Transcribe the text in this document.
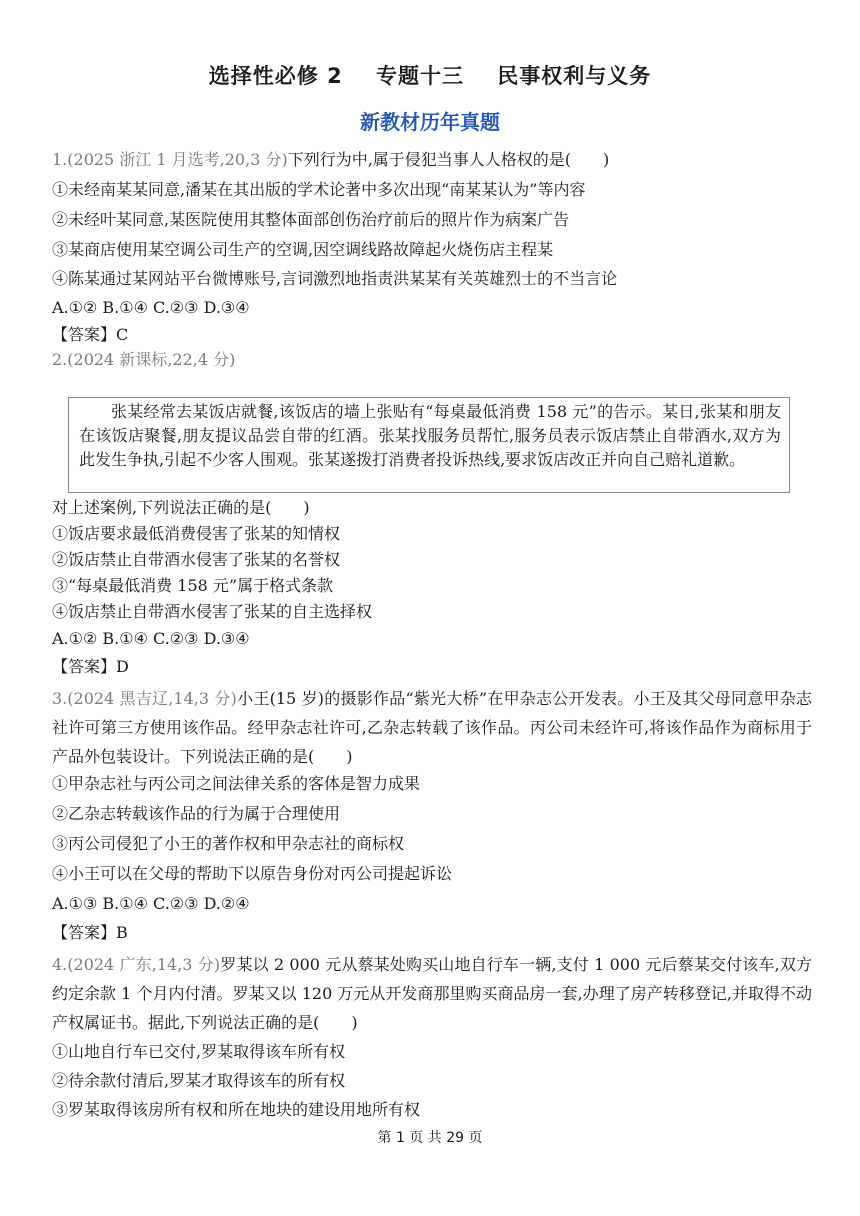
选择性必修 2    专题十三    民事权利与义务
新教材历年真题
1.(2025 浙江 1 月选考,20,3 分)下列行为中,属于侵犯当事人人格权的是(　　)
①未经南某某同意,潘某在其出版的学术论著中多次出现“南某某认为”等内容
②未经叶某同意,某医院使用其整体面部创伤治疗前后的照片作为病案广告
③某商店使用某空调公司生产的空调,因空调线路故障起火烧伤店主程某
④陈某通过某网站平台微博账号,言词激烈地指责洪某某有关英雄烈士的不当言论
A.①② B.①④ C.②③ D.③④
【答案】C
2.(2024 新课标,22,4 分)
张某经常去某饭店就餐,该饭店的墙上张贴有“每桌最低消费 158 元”的告示。某日,张某和朋友在该饭店聚餐,朋友提议品尝自带的红酒。张某找服务员帮忙,服务员表示饭店禁止自带酒水,双方为此发生争执,引起不少客人围观。张某遂拨打消费者投诉热线,要求饭店改正并向自己赔礼道歉。
对上述案例,下列说法正确的是(　　)
①饭店要求最低消费侵害了张某的知情权
②饭店禁止自带酒水侵害了张某的名誉权
③“每桌最低消费 158 元”属于格式条款
④饭店禁止自带酒水侵害了张某的自主选择权
A.①② B.①④ C.②③ D.③④
【答案】D
3.(2024 黑吉辽,14,3 分)小王(15 岁)的摄影作品“紫光大桥”在甲杂志公开发表。小王及其父母同意甲杂志社许可第三方使用该作品。经甲杂志社许可,乙杂志转载了该作品。丙公司未经许可,将该作品作为商标用于产品外包装设计。下列说法正确的是(　　)
①甲杂志社与丙公司之间法律关系的客体是智力成果
②乙杂志转载该作品的行为属于合理使用
③丙公司侵犯了小王的著作权和甲杂志社的商标权
④小王可以在父母的帮助下以原告身份对丙公司提起诉讼
A.①③ B.①④ C.②③ D.②④
【答案】B
4.(2024 广东,14,3 分)罗某以 2 000 元从蔡某处购买山地自行车一辆,支付 1 000 元后蔡某交付该车,双方约定余款 1 个月内付清。罗某又以 120 万元从开发商那里购买商品房一套,办理了房产转移登记,并取得不动产权属证书。据此,下列说法正确的是(　　)
①山地自行车已交付,罗某取得该车所有权
②待余款付清后,罗某才取得该车的所有权
③罗某取得该房所有权和所在地块的建设用地所有权
第 1 页 共 29 页
